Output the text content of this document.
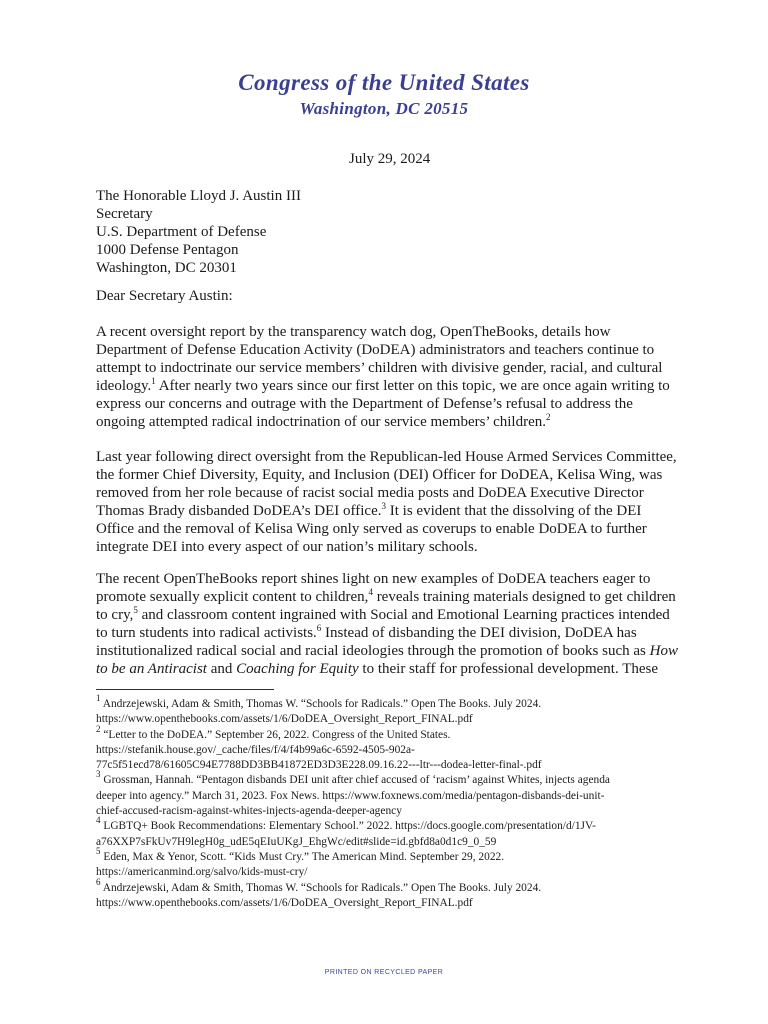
Congress of the United States
Washington, DC 20515
July 29, 2024
The Honorable Lloyd J. Austin III
Secretary
U.S. Department of Defense
1000 Defense Pentagon
Washington, DC 20301
Dear Secretary Austin:
A recent oversight report by the transparency watch dog, OpenTheBooks, details how
Department of Defense Education Activity (DoDEA) administrators and teachers continue to
attempt to indoctrinate our service members’ children with divisive gender, racial, and cultural
ideology.$^1$ After nearly two years since our first letter on this topic, we are once again writing to
express our concerns and outrage with the Department of Defense’s refusal to address the
ongoing attempted radical indoctrination of our service members’ children.$^2$
Last year following direct oversight from the Republican-led House Armed Services Committee,
the former Chief Diversity, Equity, and Inclusion (DEI) Officer for DoDEA, Kelisa Wing, was
removed from her role because of racist social media posts and DoDEA Executive Director
Thomas Brady disbanded DoDEA’s DEI office.$^3$ It is evident that the dissolving of the DEI
Office and the removal of Kelisa Wing only served as coverups to enable DoDEA to further
integrate DEI into every aspect of our nation’s military schools.
The recent OpenTheBooks report shines light on new examples of DoDEA teachers eager to
promote sexually explicit content to children,$^4$ reveals training materials designed to get children
to cry,$^5$ and classroom content ingrained with Social and Emotional Learning practices intended
to turn students into radical activists.$^6$ Instead of disbanding the DEI division, DoDEA has
institutionalized radical social and racial ideologies through the promotion of books such as How
to be an Antiracist and Coaching for Equity to their staff for professional development. These
$^1$ Andrzejewski, Adam & Smith, Thomas W. “Schools for Radicals.” Open The Books. July 2024.
https://www.openthebooks.com/assets/1/6/DoDEA_Oversight_Report_FINAL.pdf
$^2$ “Letter to the DoDEA.” September 26, 2022. Congress of the United States.
https://stefanik.house.gov/_cache/files/f/4/f4b99a6c-6592-4505-902a-
77c5f51ecd78/61605C94E7788DD3BB41872ED3D3E228.09.16.22---ltr---dodea-letter-final-.pdf
$^3$ Grossman, Hannah. “Pentagon disbands DEI unit after chief accused of ‘racism’ against Whites, injects agenda
deeper into agency.” March 31, 2023. Fox News. https://www.foxnews.com/media/pentagon-disbands-dei-unit-
chief-accused-racism-against-whites-injects-agenda-deeper-agency
$^4$ LGBTQ+ Book Recommendations: Elementary School.” 2022. https://docs.google.com/presentation/d/1JV-
a76XXP7sFkUv7H9legH0g_udE5qEIuUKgJ_EhgWc/edit#slide=id.gbfd8a0d1c9_0_59
$^5$ Eden, Max & Yenor, Scott. “Kids Must Cry.” The American Mind. September 29, 2022.
https://americanmind.org/salvo/kids-must-cry/
$^6$ Andrzejewski, Adam & Smith, Thomas W. “Schools for Radicals.” Open The Books. July 2024.
https://www.openthebooks.com/assets/1/6/DoDEA_Oversight_Report_FINAL.pdf
PRINTED ON RECYCLED PAPER
